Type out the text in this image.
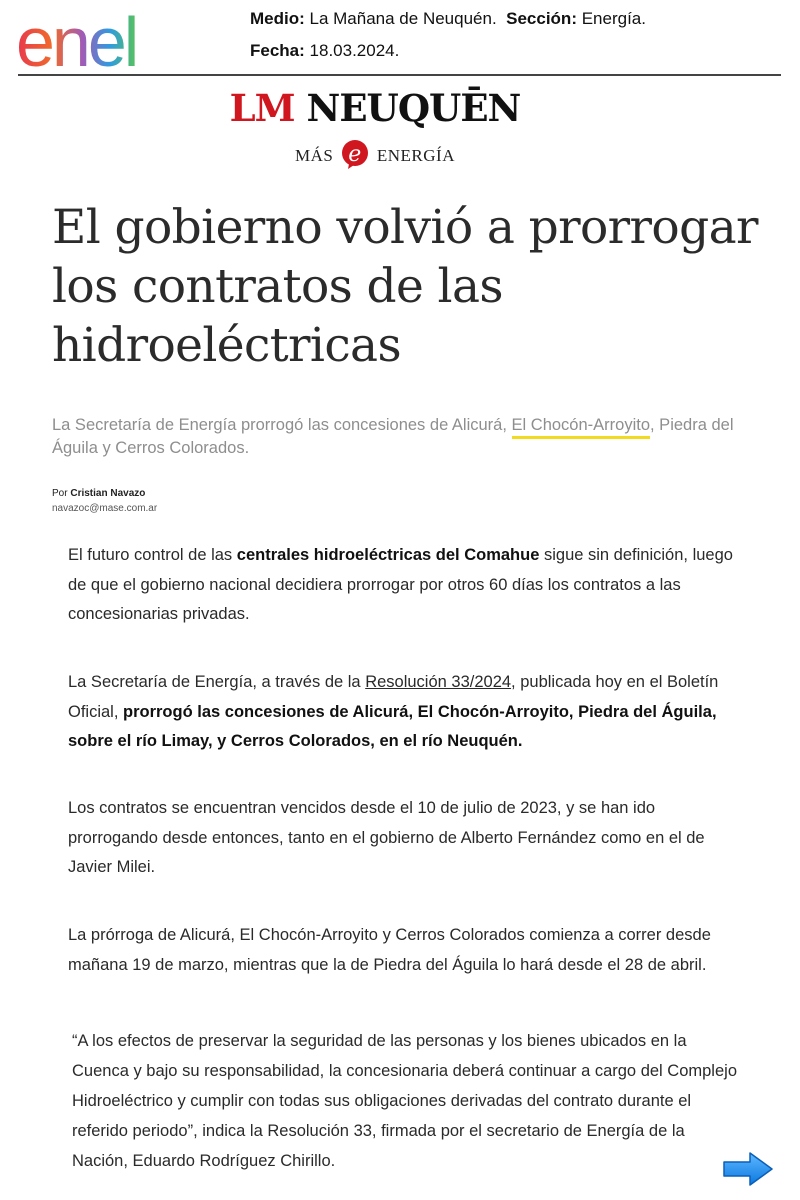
enel	Medio: La Mañana de Neuquén. Sección: Energía.
Fecha: 18.03.2024.
LM NEUQUĒN
MÁS e ENERGÍA
El gobierno volvió a prorrogar los contratos de las hidroeléctricas

La Secretaría de Energía prorrogó las concesiones de Alicurá, El Chocón-Arroyito, Piedra del Águila y Cerros Colorados.

Por Cristian Navazo
navazoc@mase.com.ar

El futuro control de las centrales hidroeléctricas del Comahue sigue sin definición, luego de que el gobierno nacional decidiera prorrogar por otros 60 días los contratos a las concesionarias privadas.

La Secretaría de Energía, a través de la Resolución 33/2024, publicada hoy en el Boletín Oficial, prorrogó las concesiones de Alicurá, El Chocón-Arroyito, Piedra del Águila, sobre el río Limay, y Cerros Colorados, en el río Neuquén.

Los contratos se encuentran vencidos desde el 10 de julio de 2023, y se han ido prorrogando desde entonces, tanto en el gobierno de Alberto Fernández como en el de Javier Milei.

La prórroga de Alicurá, El Chocón-Arroyito y Cerros Colorados comienza a correr desde mañana 19 de marzo, mientras que la de Piedra del Águila lo hará desde el 28 de abril.

“A los efectos de preservar la seguridad de las personas y los bienes ubicados en la Cuenca y bajo su responsabilidad, la concesionaria deberá continuar a cargo del Complejo Hidroeléctrico y cumplir con todas sus obligaciones derivadas del contrato durante el referido periodo”, indica la Resolución 33, firmada por el secretario de Energía de la Nación, Eduardo Rodríguez Chirillo.
